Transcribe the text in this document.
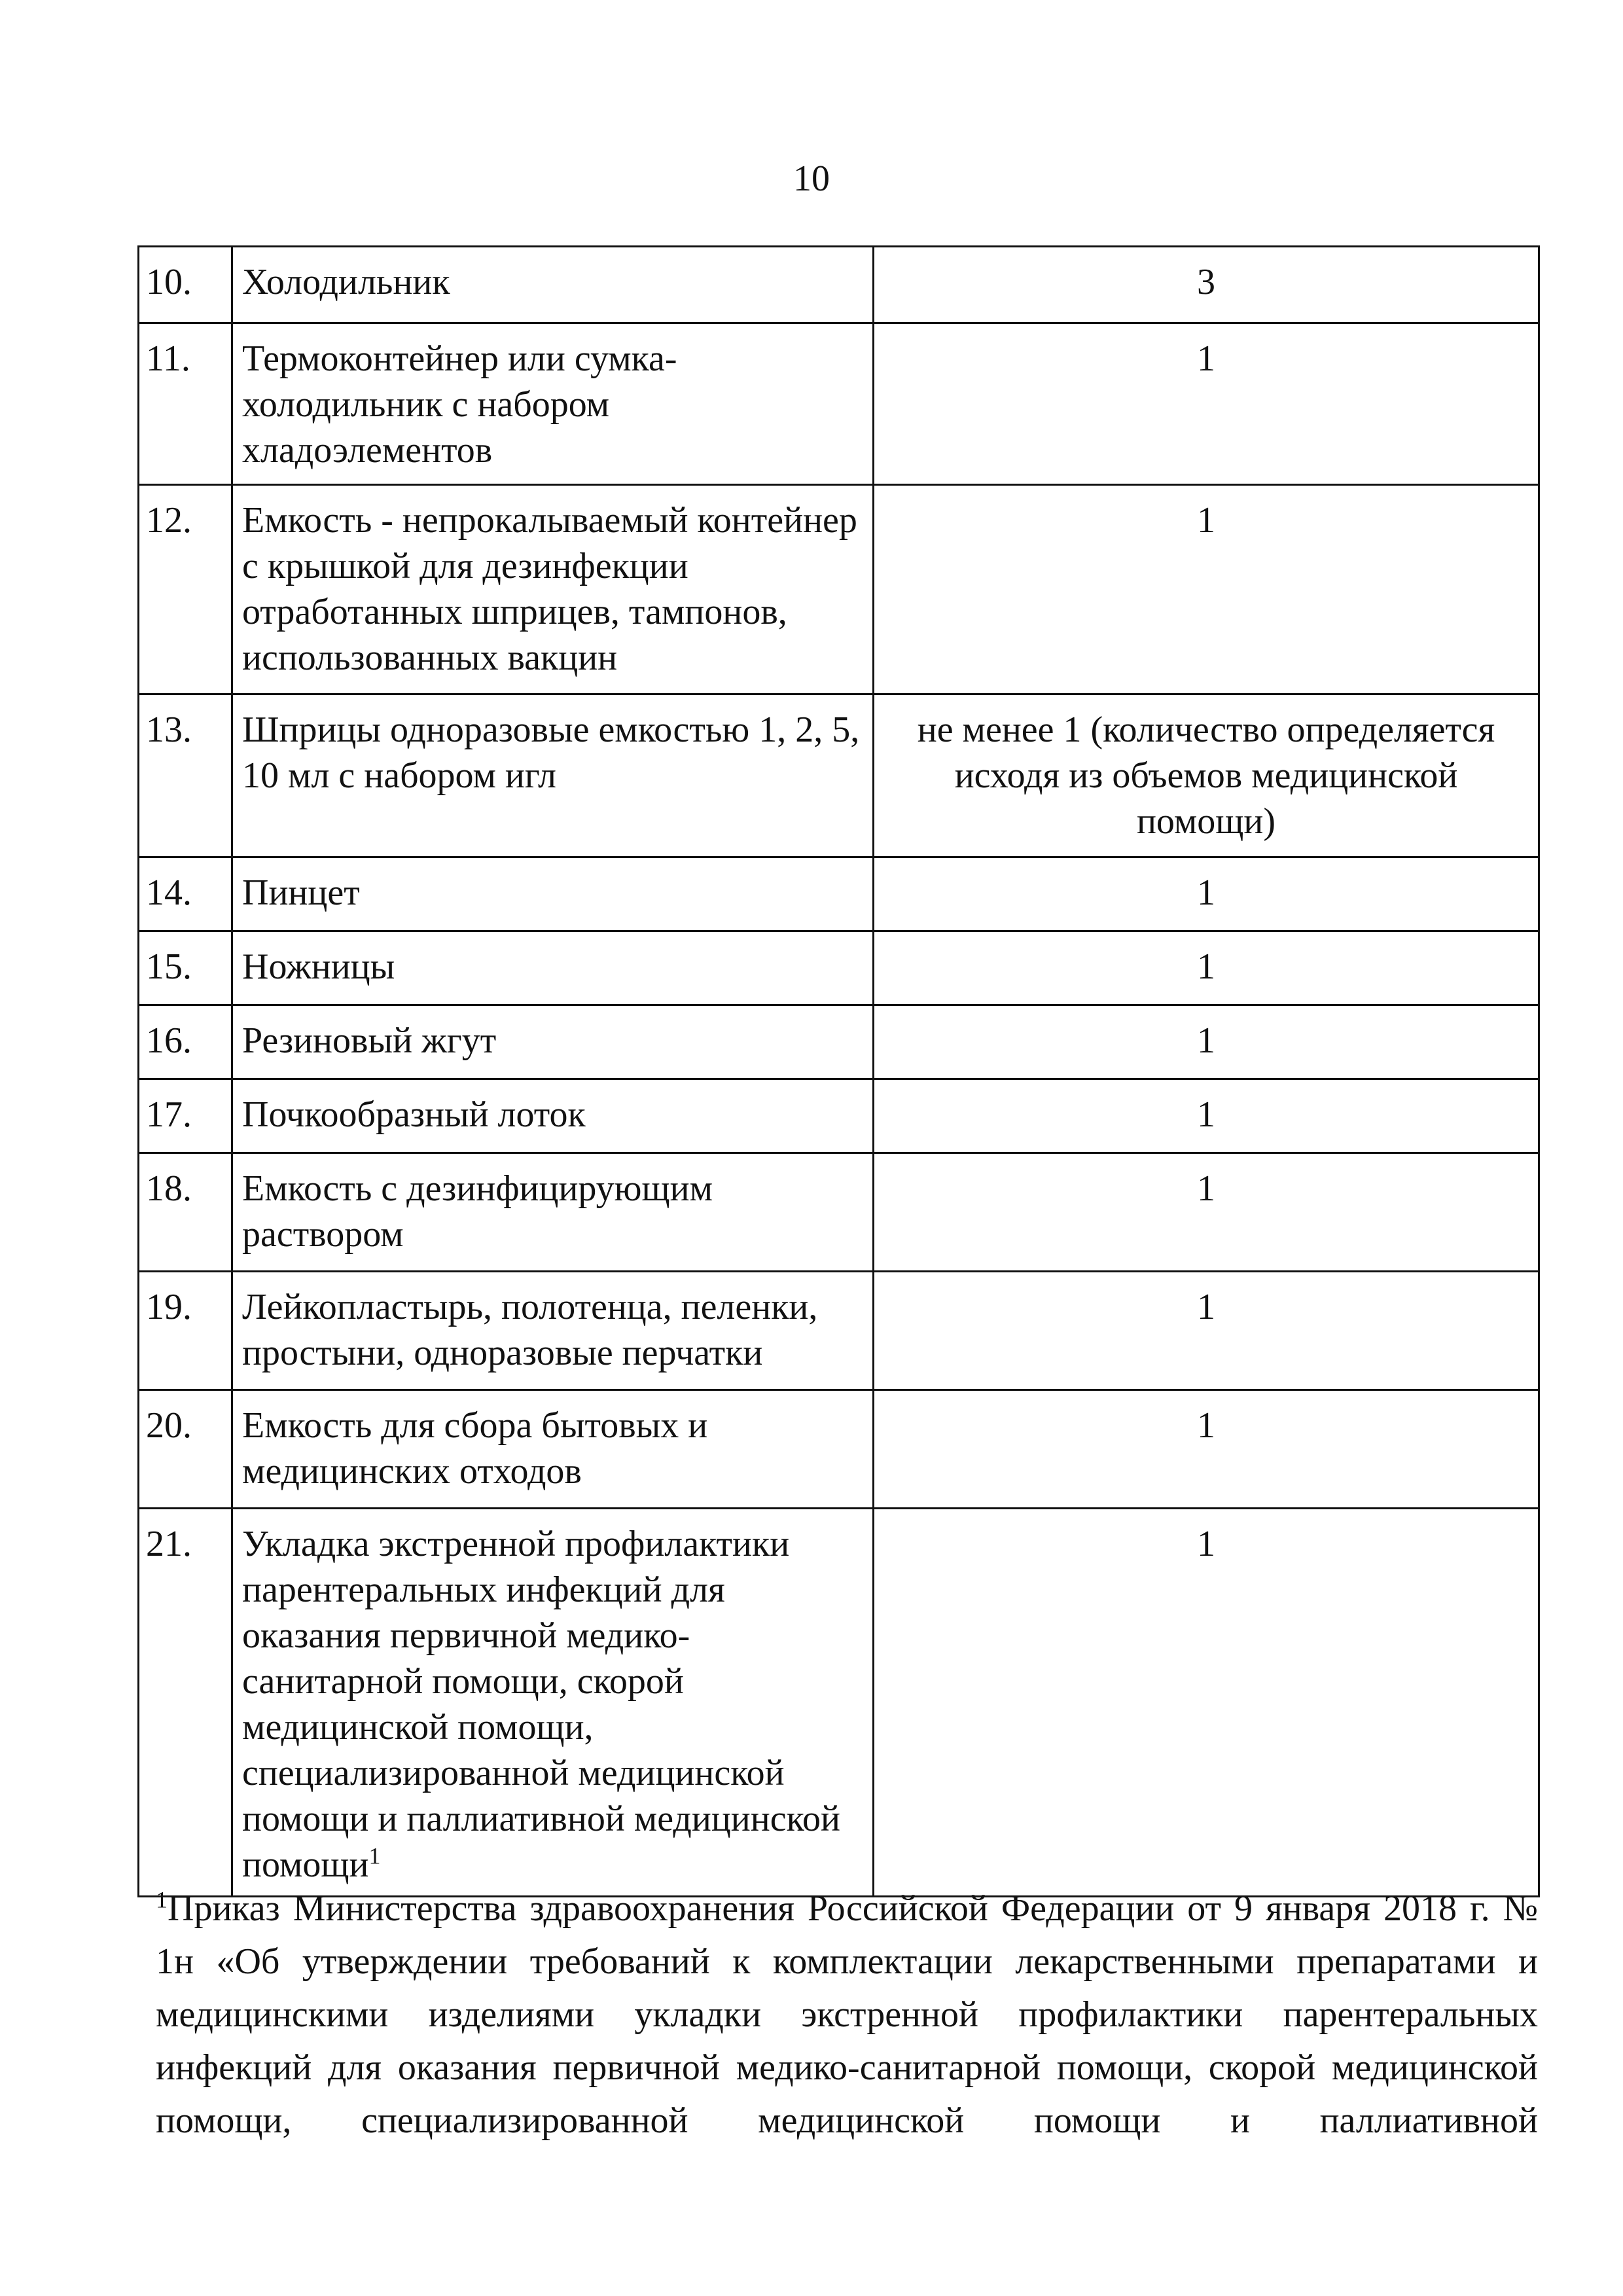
10
10.	Холодильник	3
11.	Термоконтейнер или сумка-холодильник с набором хладоэлементов	1
12.	Емкость - непрокалываемый контейнер с крышкой для дезинфекции отработанных шприцев, тампонов, использованных вакцин	1
13.	Шприцы одноразовые емкостью 1, 2, 5, 10 мл с набором игл	не менее 1 (количество определяется исходя из объемов медицинской помощи)
14.	Пинцет	1
15.	Ножницы	1
16.	Резиновый жгут	1
17.	Почкообразный лоток	1
18.	Емкость с дезинфицирующим раствором	1
19.	Лейкопластырь, полотенца, пеленки, простыни, одноразовые перчатки	1
20.	Емкость для сбора бытовых и медицинских отходов	1
21.	Укладка экстренной профилактики парентеральных инфекций для оказания первичной медико-санитарной помощи, скорой медицинской помощи, специализированной медицинской помощи и паллиативной медицинской помощи$^1$	1
$^1$Приказ Министерства здравоохранения Российской Федерации от 9 января 2018 г. № 1н «Об утверждении требований к комплектации лекарственными препаратами и медицинскими изделиями укладки экстренной профилактики парентеральных инфекций для оказания первичной медико-санитарной помощи, скорой медицинской помощи, специализированной медицинской помощи и паллиативной
